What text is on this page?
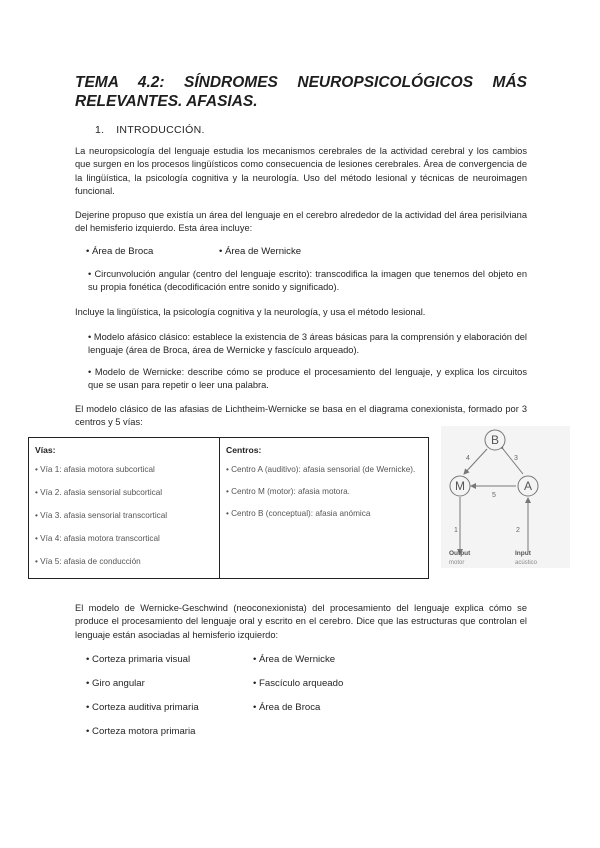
TEMA 4.2: SÍNDROMES NEUROPSICOLÓGICOS MÁS RELEVANTES. AFASIAS.
1. INTRODUCCIÓN.

La neuropsicología del lenguaje estudia los mecanismos cerebrales de la actividad cerebral y los cambios que surgen en los procesos lingüísticos como consecuencia de lesiones cerebrales. Área de convergencia de la lingüística, la psicología cognitiva y la neurología. Uso del método lesional y técnicas de neuroimagen funcional.

Dejerine propuso que existía un área del lenguaje en el cerebro alrededor de la actividad del área perisilviana del hemisferio izquierdo. Esta área incluye:

• Área de Broca	• Área de Wernicke

• Circunvolución angular (centro del lenguaje escrito): transcodifica la imagen que tenemos del objeto en su propia fonética (decodificación entre sonido y significado).

Incluye la lingüística, la psicología cognitiva y la neurología, y usa el método lesional.

• Modelo afásico clásico: establece la existencia de 3 áreas básicas para la comprensión y elaboración del lenguaje (área de Broca, área de Wernicke y fascículo arqueado).

• Modelo de Wernicke: describe cómo se produce el procesamiento del lenguaje, y explica los circuitos que se usan para repetir o leer una palabra.

El modelo clásico de las afasias de Lichtheim-Wernicke se basa en el diagrama conexionista, formado por 3 centros y 5 vías:

Vías:
• Vía 1: afasia motora subcortical
• Vía 2. afasia sensorial subcortical
• Vía 3. afasia sensorial transcortical
• Vía 4: afasia motora transcortical
• Vía 5: afasia de conducción
Centros:
• Centro A (auditivo): afasia sensorial (de Wernicke).
• Centro M (motor): afasia motora.
• Centro B (conceptual): afasia anómica
B
M	A
4	3
5
1	2
Output
motor
Input
acústico

El modelo de Wernicke-Geschwind (neoconexionista) del procesamiento del lenguaje explica cómo se produce el procesamiento del lenguaje oral y escrito en el cerebro. Dice que las estructuras que controlan el lenguaje están asociadas al hemisferio izquierdo:

• Corteza primaria visual
• Giro angular
• Corteza auditiva primaria
• Corteza motora primaria
• Área de Wernicke
• Fascículo arqueado
• Área de Broca
